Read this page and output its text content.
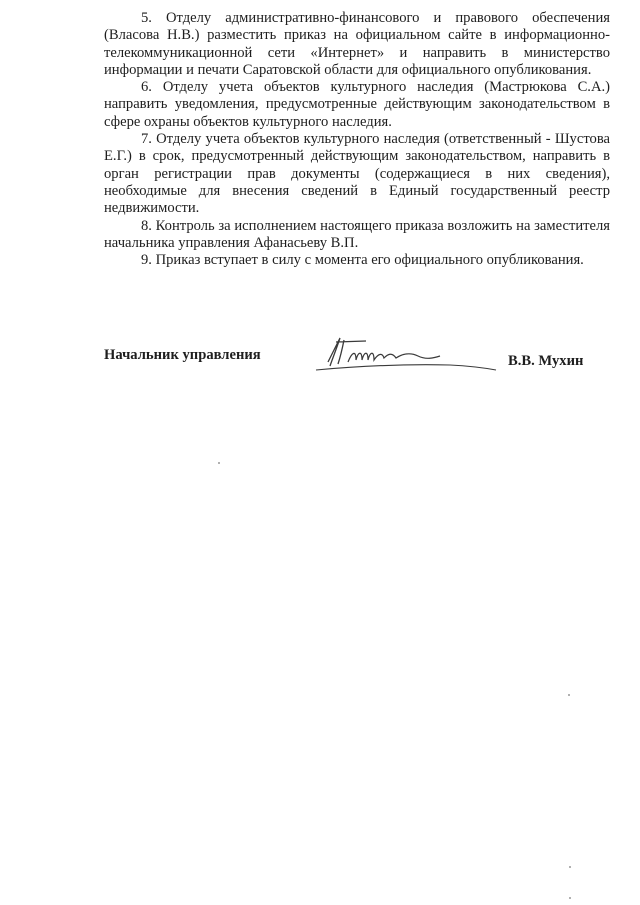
5. Отделу административно-финансового и правового обеспечения (Власова Н.В.) разместить приказ на официальном сайте в информационно-телекоммуникационной сети «Интернет» и направить в министерство информации и печати Саратовской области для официального опубликования.

6. Отделу учета объектов культурного наследия (Мастрюкова С.А.) направить уведомления, предусмотренные действующим законодательством в сфере охраны объектов культурного наследия.

7. Отделу учета объектов культурного наследия (ответственный - Шустова Е.Г.) в срок, предусмотренный действующим законодательством, направить в орган регистрации прав документы (содержащиеся в них сведения), необходимые для внесения сведений в Единый государственный реестр недвижимости.

8. Контроль за исполнением настоящего приказа возложить на заместителя начальника управления Афанасьеву В.П.

9. Приказ вступает в силу с момента его официального опубликования.

Начальник управления	В.В. Мухин
